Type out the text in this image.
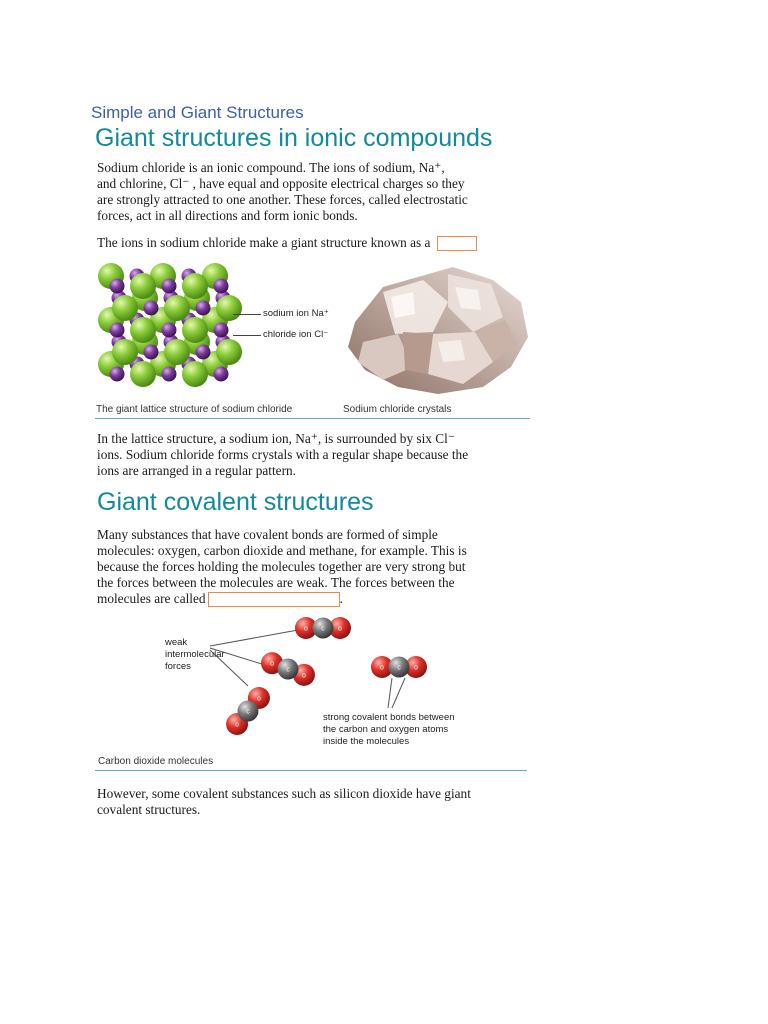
Simple and Giant Structures
Giant structures in ionic compounds
Sodium chloride is an ionic compound. The ions of sodium, Na⁺,
and chlorine, Cl⁻ , have equal and opposite electrical charges so they
are strongly attracted to one another. These forces, called electrostatic
forces, act in all directions and form ionic bonds.
The ions in sodium chloride make a giant structure known as a
sodium ion Na⁺
chloride ion Cl⁻
The giant lattice structure of sodium chloride	Sodium chloride crystals
In the lattice structure, a sodium ion, Na⁺, is surrounded by six Cl⁻
ions. Sodium chloride forms crystals with a regular shape because the
ions are arranged in a regular pattern.
Giant covalent structures
Many substances that have covalent bonds are formed of simple
molecules: oxygen, carbon dioxide and methane, for example. This is
because the forces holding the molecules together are very strong but
the forces between the molecules are weak. The forces between the
molecules are called	.
o	o
c
o
o
c	o	o
c
o
o
c
weak
intermolecular
forces
strong covalent bonds between
the carbon and oxygen atoms
inside the molecules
Carbon dioxide molecules
However, some covalent substances such as silicon dioxide have giant
covalent structures.
